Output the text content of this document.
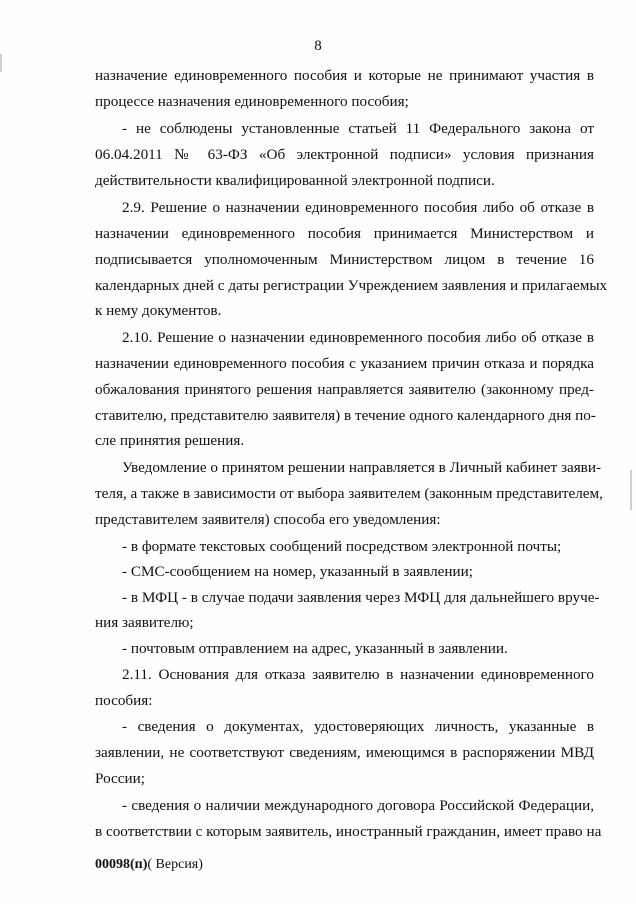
8
назначение единовременного пособия и которые не принимают участия в
процессе назначения единовременного пособия;
- не соблюдены установленные статьей 11 Федерального закона от
06.04.2011 № 63-ФЗ «Об электронной подписи» условия признания
действительности квалифицированной электронной подписи.
2.9. Решение о назначении единовременного пособия либо об отказе в
назначении единовременного пособия принимается Министерством и
подписывается уполномоченным Министерством лицом в течение 16
календарных дней с даты регистрации Учреждением заявления и прилагаемых
к нему документов.
2.10. Решение о назначении единовременного пособия либо об отказе в
назначении единовременного пособия с указанием причин отказа и порядка
обжалования принятого решения направляется заявителю (законному пред-
ставителю, представителю заявителя) в течение одного календарного дня по-
сле принятия решения.
Уведомление о принятом решении направляется в Личный кабинет заяви-
теля, а также в зависимости от выбора заявителем (законным представителем,
представителем заявителя) способа его уведомления:
- в формате текстовых сообщений посредством электронной почты;
- СМС-сообщением на номер, указанный в заявлении;
- в МФЦ - в случае подачи заявления через МФЦ для дальнейшего вруче-
ния заявителю;
- почтовым отправлением на адрес, указанный в заявлении.
2.11. Основания для отказа заявителю в назначении единовременного
пособия:
- сведения о документах, удостоверяющих личность, указанные в
заявлении, не соответствуют сведениям, имеющимся в распоряжении МВД
России;
- сведения о наличии международного договора Российской Федерации,
в соответствии с которым заявитель, иностранный гражданин, имеет право на
00098(п)( Версия)
